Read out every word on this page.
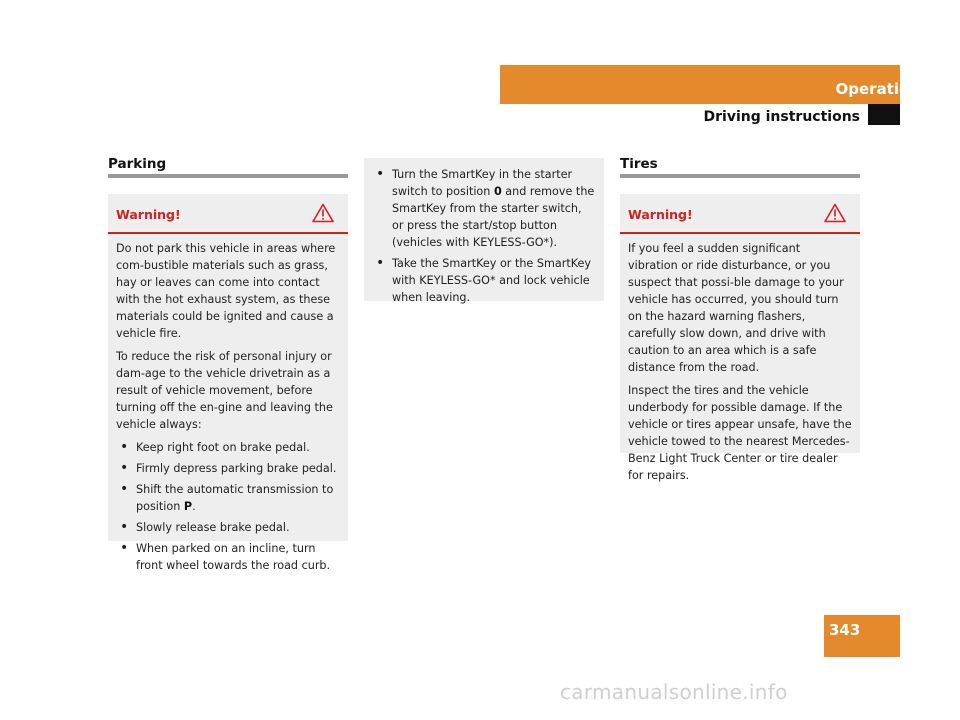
Operation
Driving instructions
Parking
Warning!

Do not park this vehicle in areas where com-bustible materials such as grass, hay or leaves can come into contact with the hot exhaust system, as these materials could be ignited and cause a vehicle fire.

To reduce the risk of personal injury or dam-age to the vehicle drivetrain as a result of vehicle movement, before turning off the en-gine and leaving the vehicle always:

• Keep right foot on brake pedal.
• Firmly depress parking brake pedal.
• Shift the automatic transmission to position P.
• Slowly release brake pedal.
• When parked on an incline, turn front wheel towards the road curb.
• Turn the SmartKey in the starter switch to position 0 and remove the SmartKey from the starter switch, or press the start/stop button (vehicles with KEYLESS-GO*).
• Take the SmartKey or the SmartKey with KEYLESS-GO* and lock vehicle when leaving.
Tires
Warning!

If you feel a sudden significant vibration or ride disturbance, or you suspect that possi-ble damage to your vehicle has occurred, you should turn on the hazard warning flashers, carefully slow down, and drive with caution to an area which is a safe distance from the road.

Inspect the tires and the vehicle underbody for possible damage. If the vehicle or tires appear unsafe, have the vehicle towed to the nearest Mercedes-Benz Light Truck Center or tire dealer for repairs.

343
carmanualsonline.info
